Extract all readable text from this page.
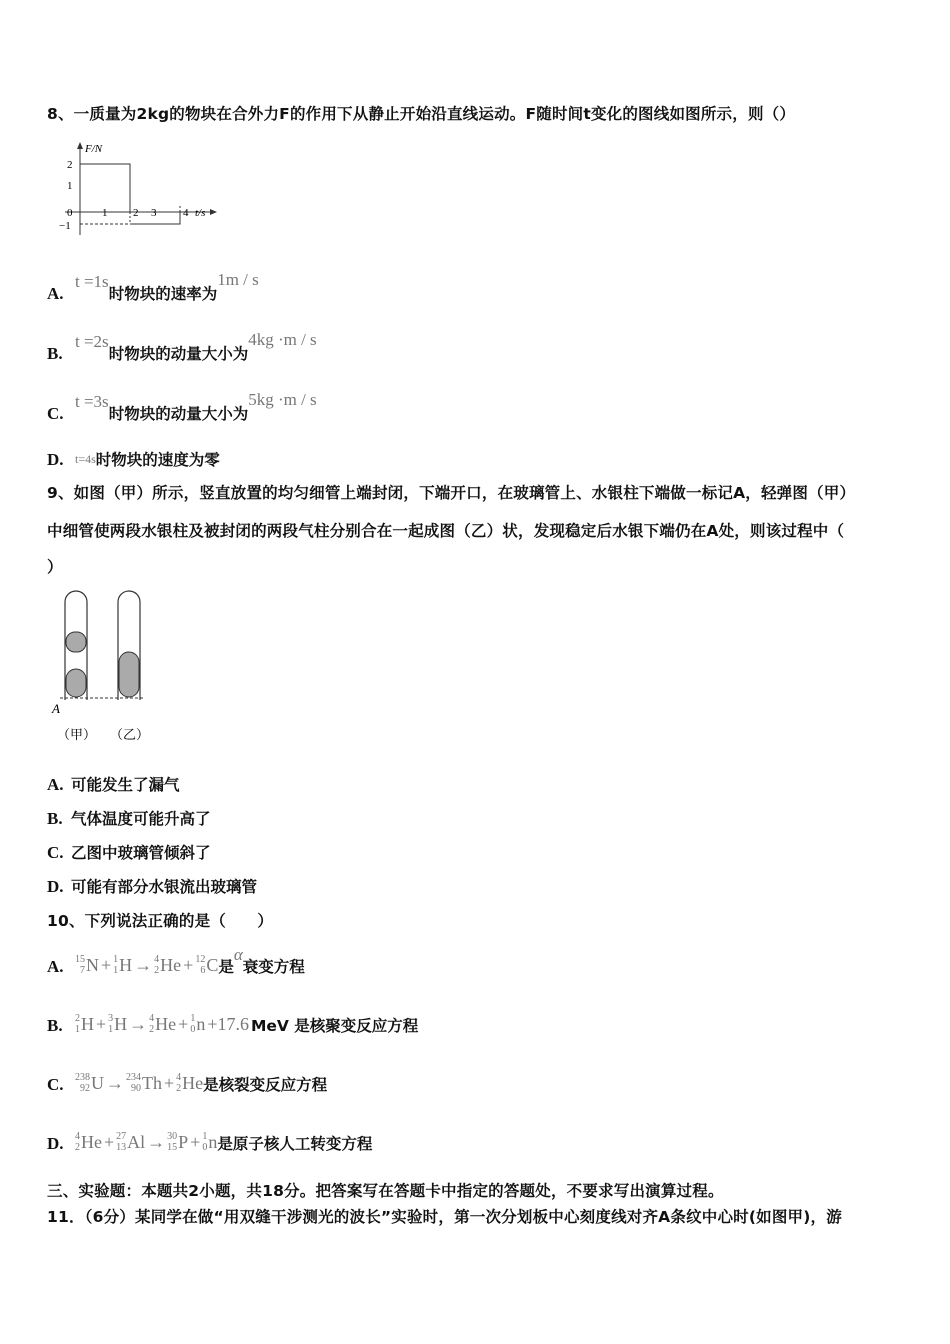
8、一质量为2kg的物块在合外力F的作用下从静止开始沿直线运动。F随时间t变化的图线如图所示，则（）
F/N
2
1
0
−1
1 2 3 4 t/s
A.t =1s时物块的速率为1m / s
B.t =2s时物块的动量大小为4kg ·m / s
C.t =3s时物块的动量大小为5kg ·m / s
D. t=4s时物块的速度为零
9、如图（甲）所示，竖直放置的均匀细管上端封闭，下端开口，在玻璃管上、水银柱下端做一标记A，轻弹图（甲）
中细管使两段水银柱及被封闭的两段气柱分别合在一起成图（乙）状，发现稳定后水银下端仍在A处，则该过程中（
）
A
（甲） （乙）
A. 可能发生了漏气
B. 气体温度可能升高了
C. 乙图中玻璃管倾斜了
D. 可能有部分水银流出玻璃管
10、下列说法正确的是（　　）
A. 15
7 N + 1
1 H → 4
2 He + 12
6 C 是α衰变方程
B. 2
1 H + 3
1 H → 4
2 He + 1
0 n +17.6 MeV 是核聚变反应方程
C. 238
92 U → 234
90 Th + 4
2 He 是核裂变反应方程
D. 4
2 He + 27
13 Al → 30
15 P + 1
0 n 是原子核人工转变方程
三、实验题：本题共2小题，共18分。把答案写在答题卡中指定的答题处，不要求写出演算过程。
11．（6分）某同学在做“用双缝干涉测光的波长”实验时，第一次分划板中心刻度线对齐A条纹中心时(如图甲)，游
